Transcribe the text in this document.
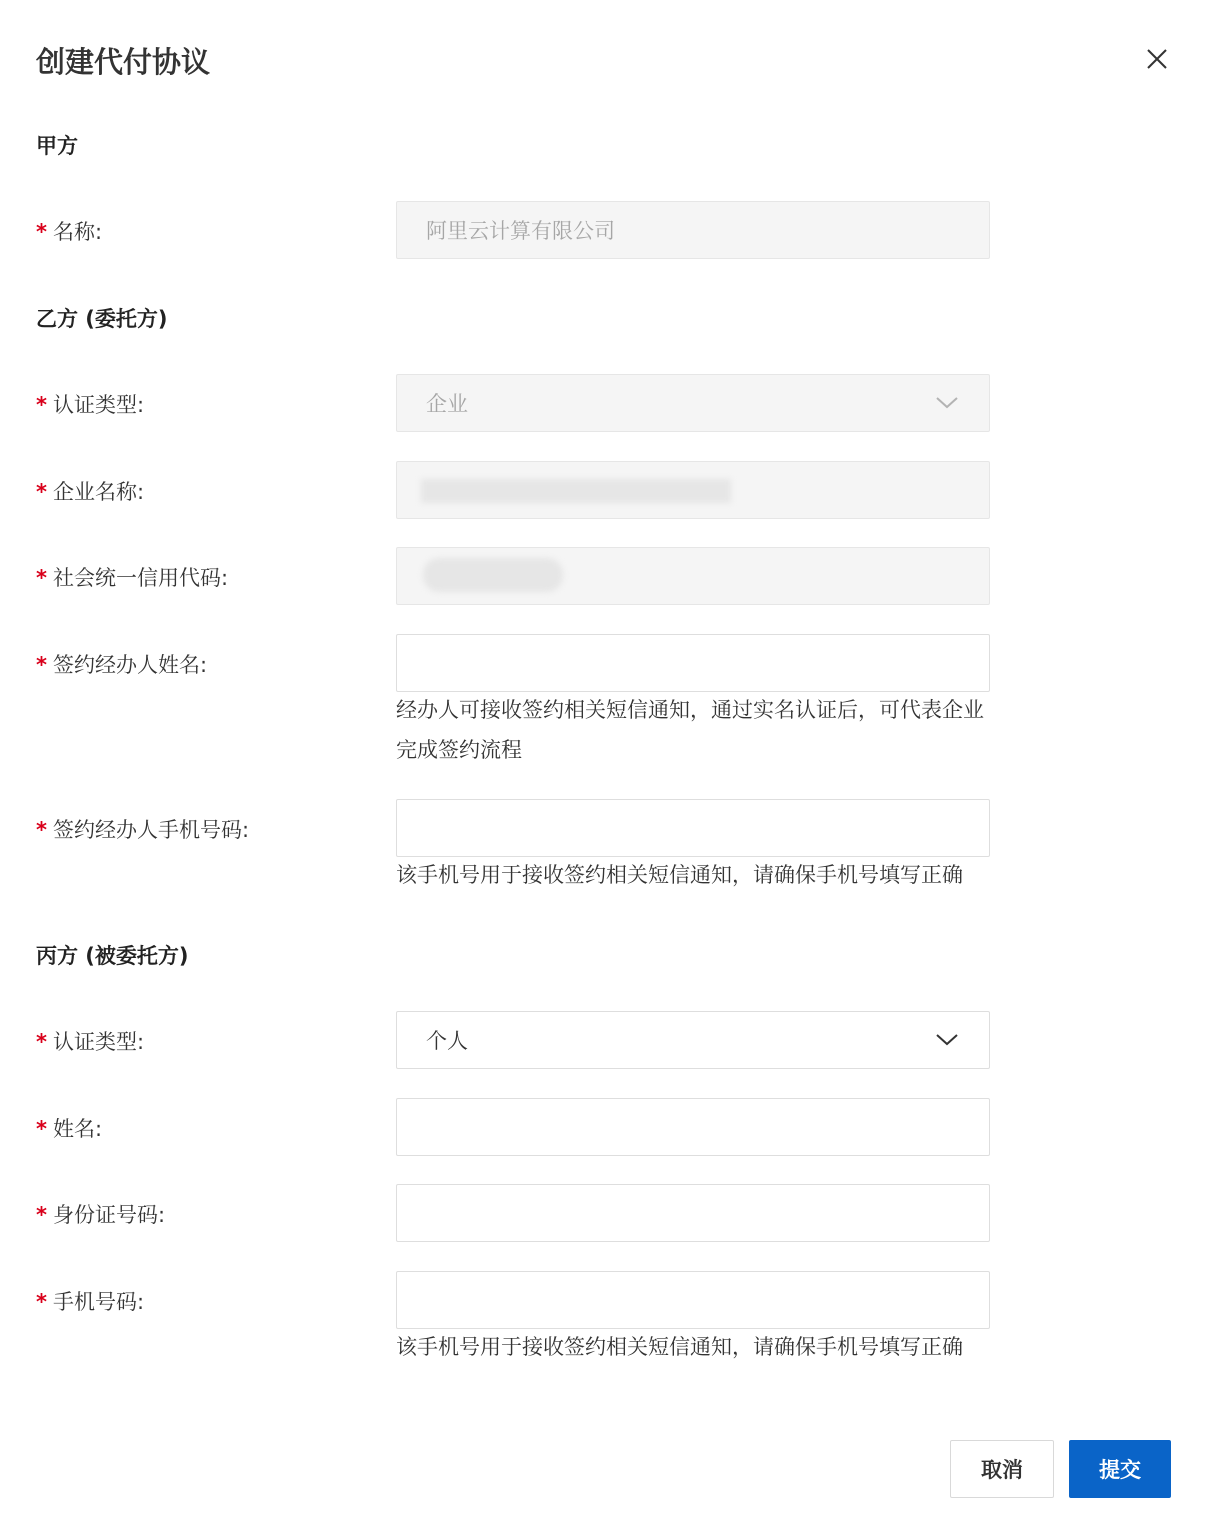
创建代付协议
甲方
* 名称:	阿里云计算有限公司
乙方 (委托方)
* 认证类型:	企业
* 企业名称:
* 社会统一信用代码:
* 签约经办人姓名:
经办人可接收签约相关短信通知，通过实名认证后，可代表企业完成签约流程
* 签约经办人手机号码:
该手机号用于接收签约相关短信通知，请确保手机号填写正确
丙方 (被委托方)
* 认证类型:	个人
* 姓名:
* 身份证号码:
* 手机号码:
该手机号用于接收签约相关短信通知，请确保手机号填写正确
取消	提交
